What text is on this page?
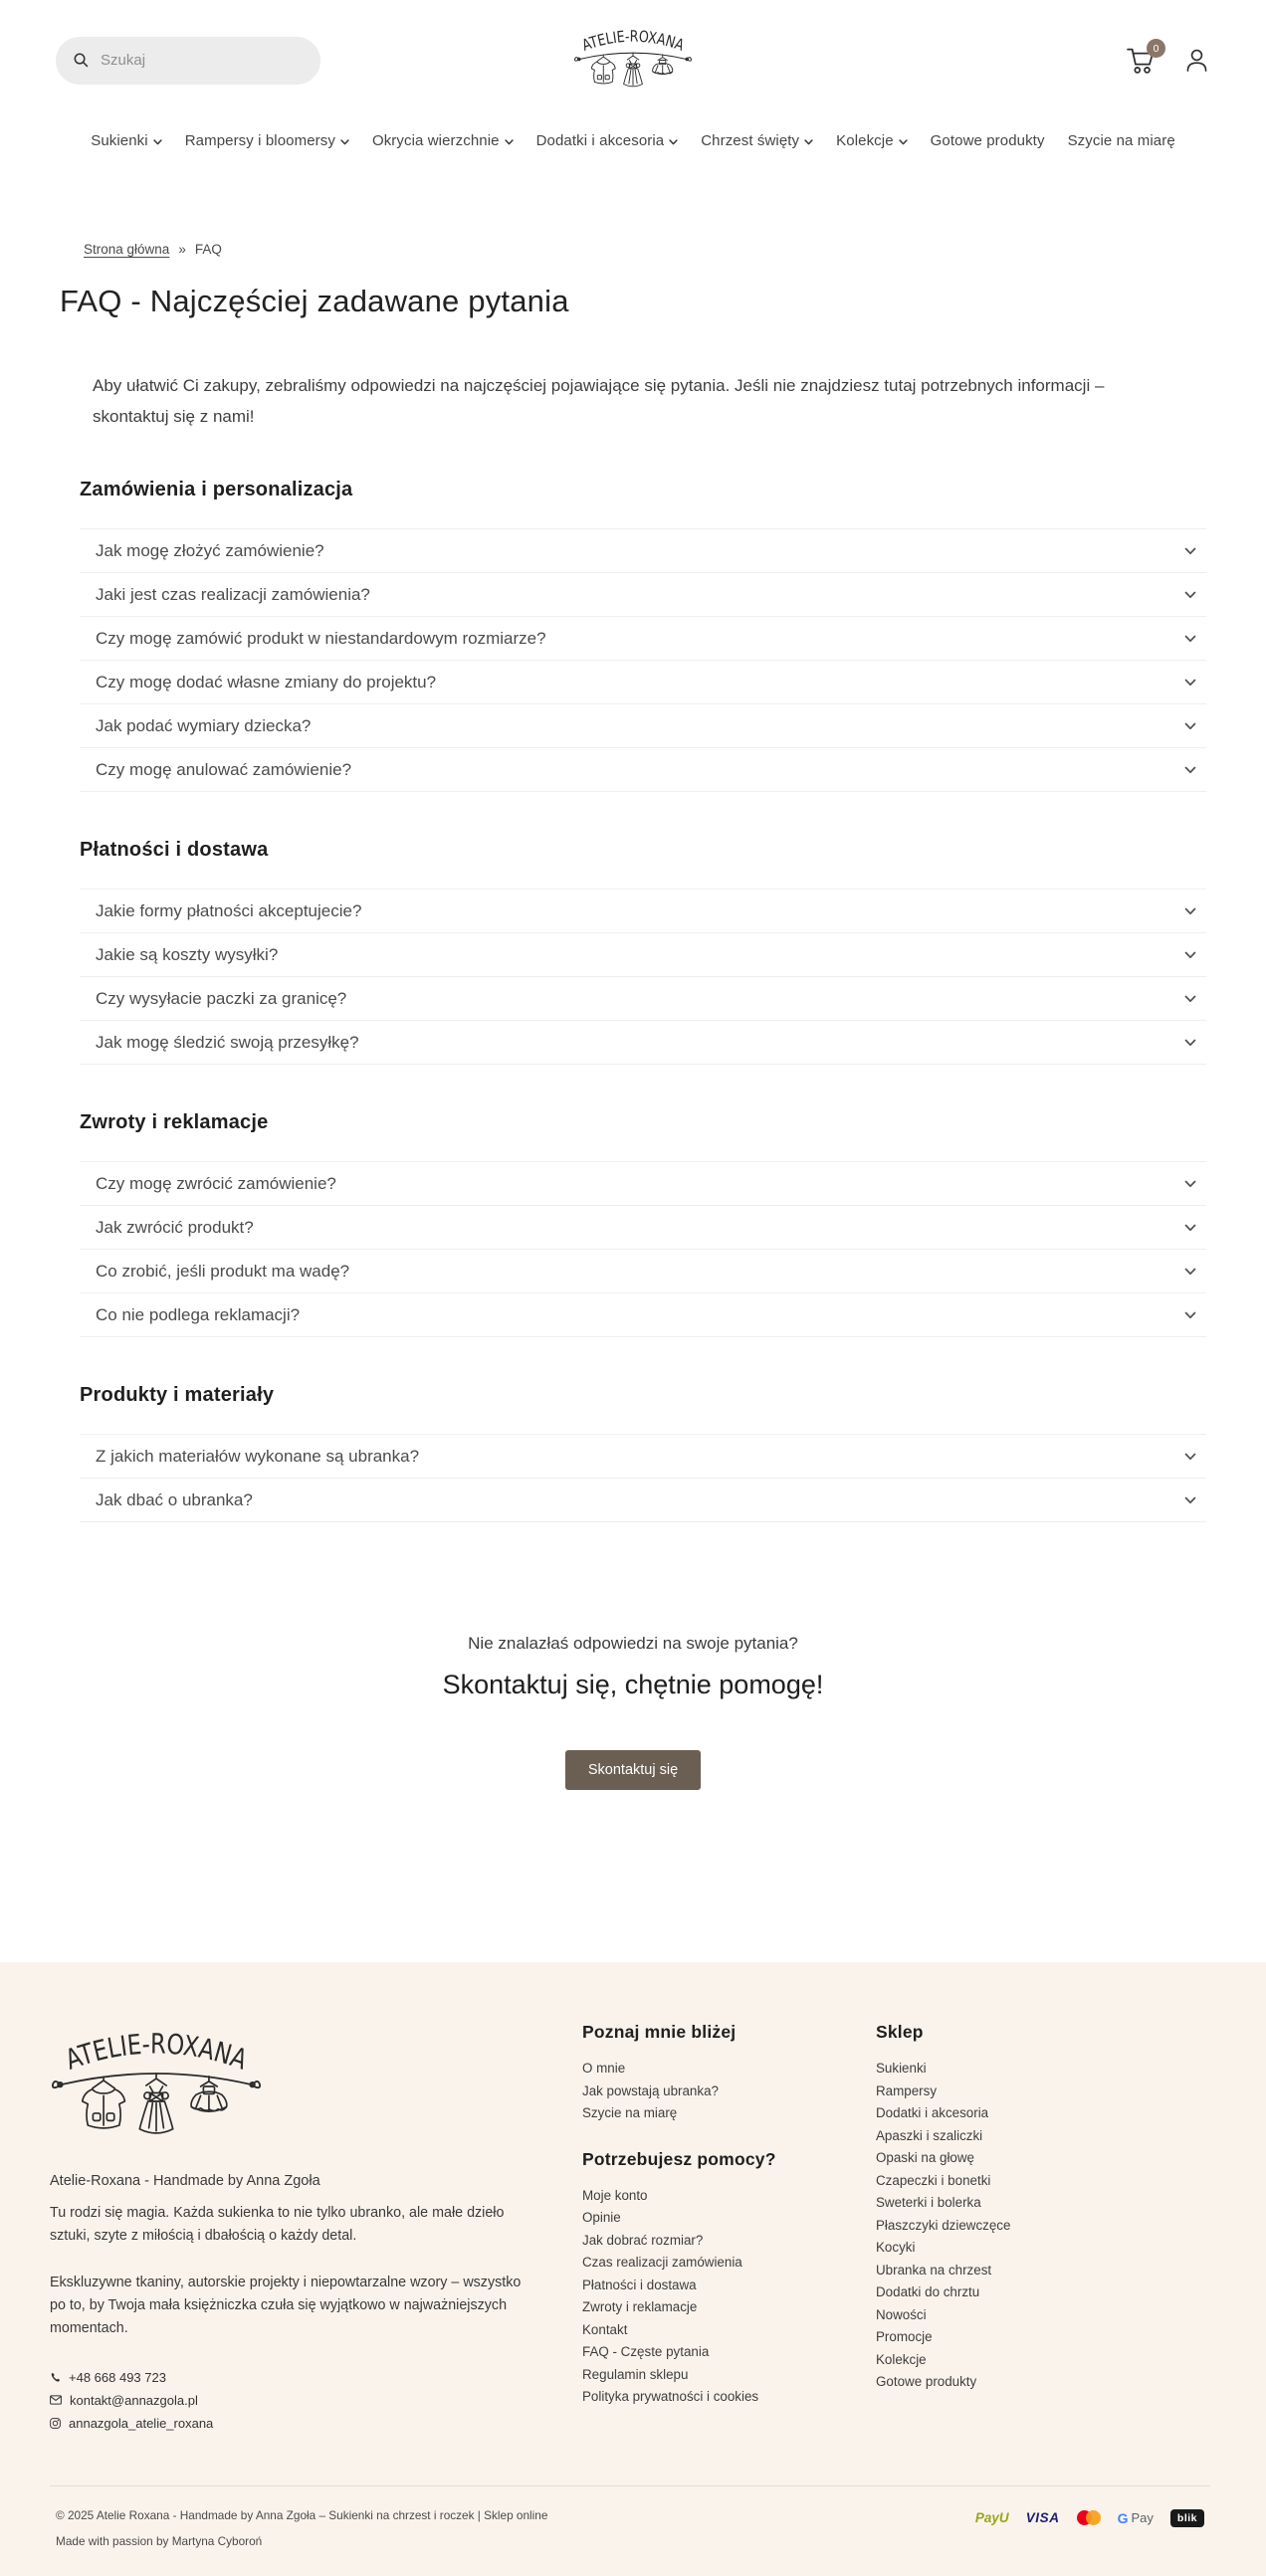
Szukaj
0
Sukienki Rampersy i bloomersy Okrycia wierzchnie Dodatki i akcesoria Chrzest święty Kolekcje Gotowe produkty Szycie na miarę
Strona główna » FAQ
FAQ - Najczęściej zadawane pytania

Aby ułatwić Ci zakupy, zebraliśmy odpowiedzi na najczęściej pojawiające się pytania. Jeśli nie znajdziesz tutaj potrzebnych informacji – skontaktuj się z nami!

Zamówienia i personalizacja
Jak mogę złożyć zamówienie?
Jaki jest czas realizacji zamówienia?
Czy mogę zamówić produkt w niestandardowym rozmiarze?
Czy mogę dodać własne zmiany do projektu?
Jak podać wymiary dziecka?
Czy mogę anulować zamówienie?
Płatności i dostawa
Jakie formy płatności akceptujecie?
Jakie są koszty wysyłki?
Czy wysyłacie paczki za granicę?
Jak mogę śledzić swoją przesyłkę?
Zwroty i reklamacje
Czy mogę zwrócić zamówienie?
Jak zwrócić produkt?
Co zrobić, jeśli produkt ma wadę?
Co nie podlega reklamacji?
Produkty i materiały
Z jakich materiałów wykonane są ubranka?
Jak dbać o ubranka?
Nie znalazłaś odpowiedzi na swoje pytania?
Skontaktuj się, chętnie pomogę!
Skontaktuj się
Atelie-Roxana - Handmade by Anna Zgoła

Tu rodzi się magia. Każda sukienka to nie tylko ubranko, ale małe dzieło sztuki, szyte z miłością i dbałością o każdy detal.

Ekskluzywne tkaniny, autorskie projekty i niepowtarzalne wzory – wszystko po to, by Twoja mała księżniczka czuła się wyjątkowo w najważniejszych momentach.

+48 668 493 723
kontakt@annazgola.pl
annazgola_atelie_roxana
Poznaj mnie bliżej
O mnie
Jak powstają ubranka?
Szycie na miarę
Potrzebujesz pomocy?
Moje konto
Opinie
Jak dobrać rozmiar?
Czas realizacji zamówienia
Płatności i dostawa
Zwroty i reklamacje
Kontakt
FAQ - Częste pytania
Regulamin sklepu
Polityka prywatności i cookies
Sklep
Sukienki
Rampersy
Dodatki i akcesoria
Apaszki i szaliczki
Opaski na głowę
Czapeczki i bonetki
Sweterki i bolerka
Płaszczyki dziewczęce
Kocyki
Ubranka na chrzest
Dodatki do chrztu
Nowości
Promocje
Kolekcje
Gotowe produkty
© 2025 Atelie Roxana - Handmade by Anna Zgoła – Sukienki na chrzest i roczek | Sklep online
Made with passion by Martyna Cyboroń
PayU VISA	G Pay	blik
